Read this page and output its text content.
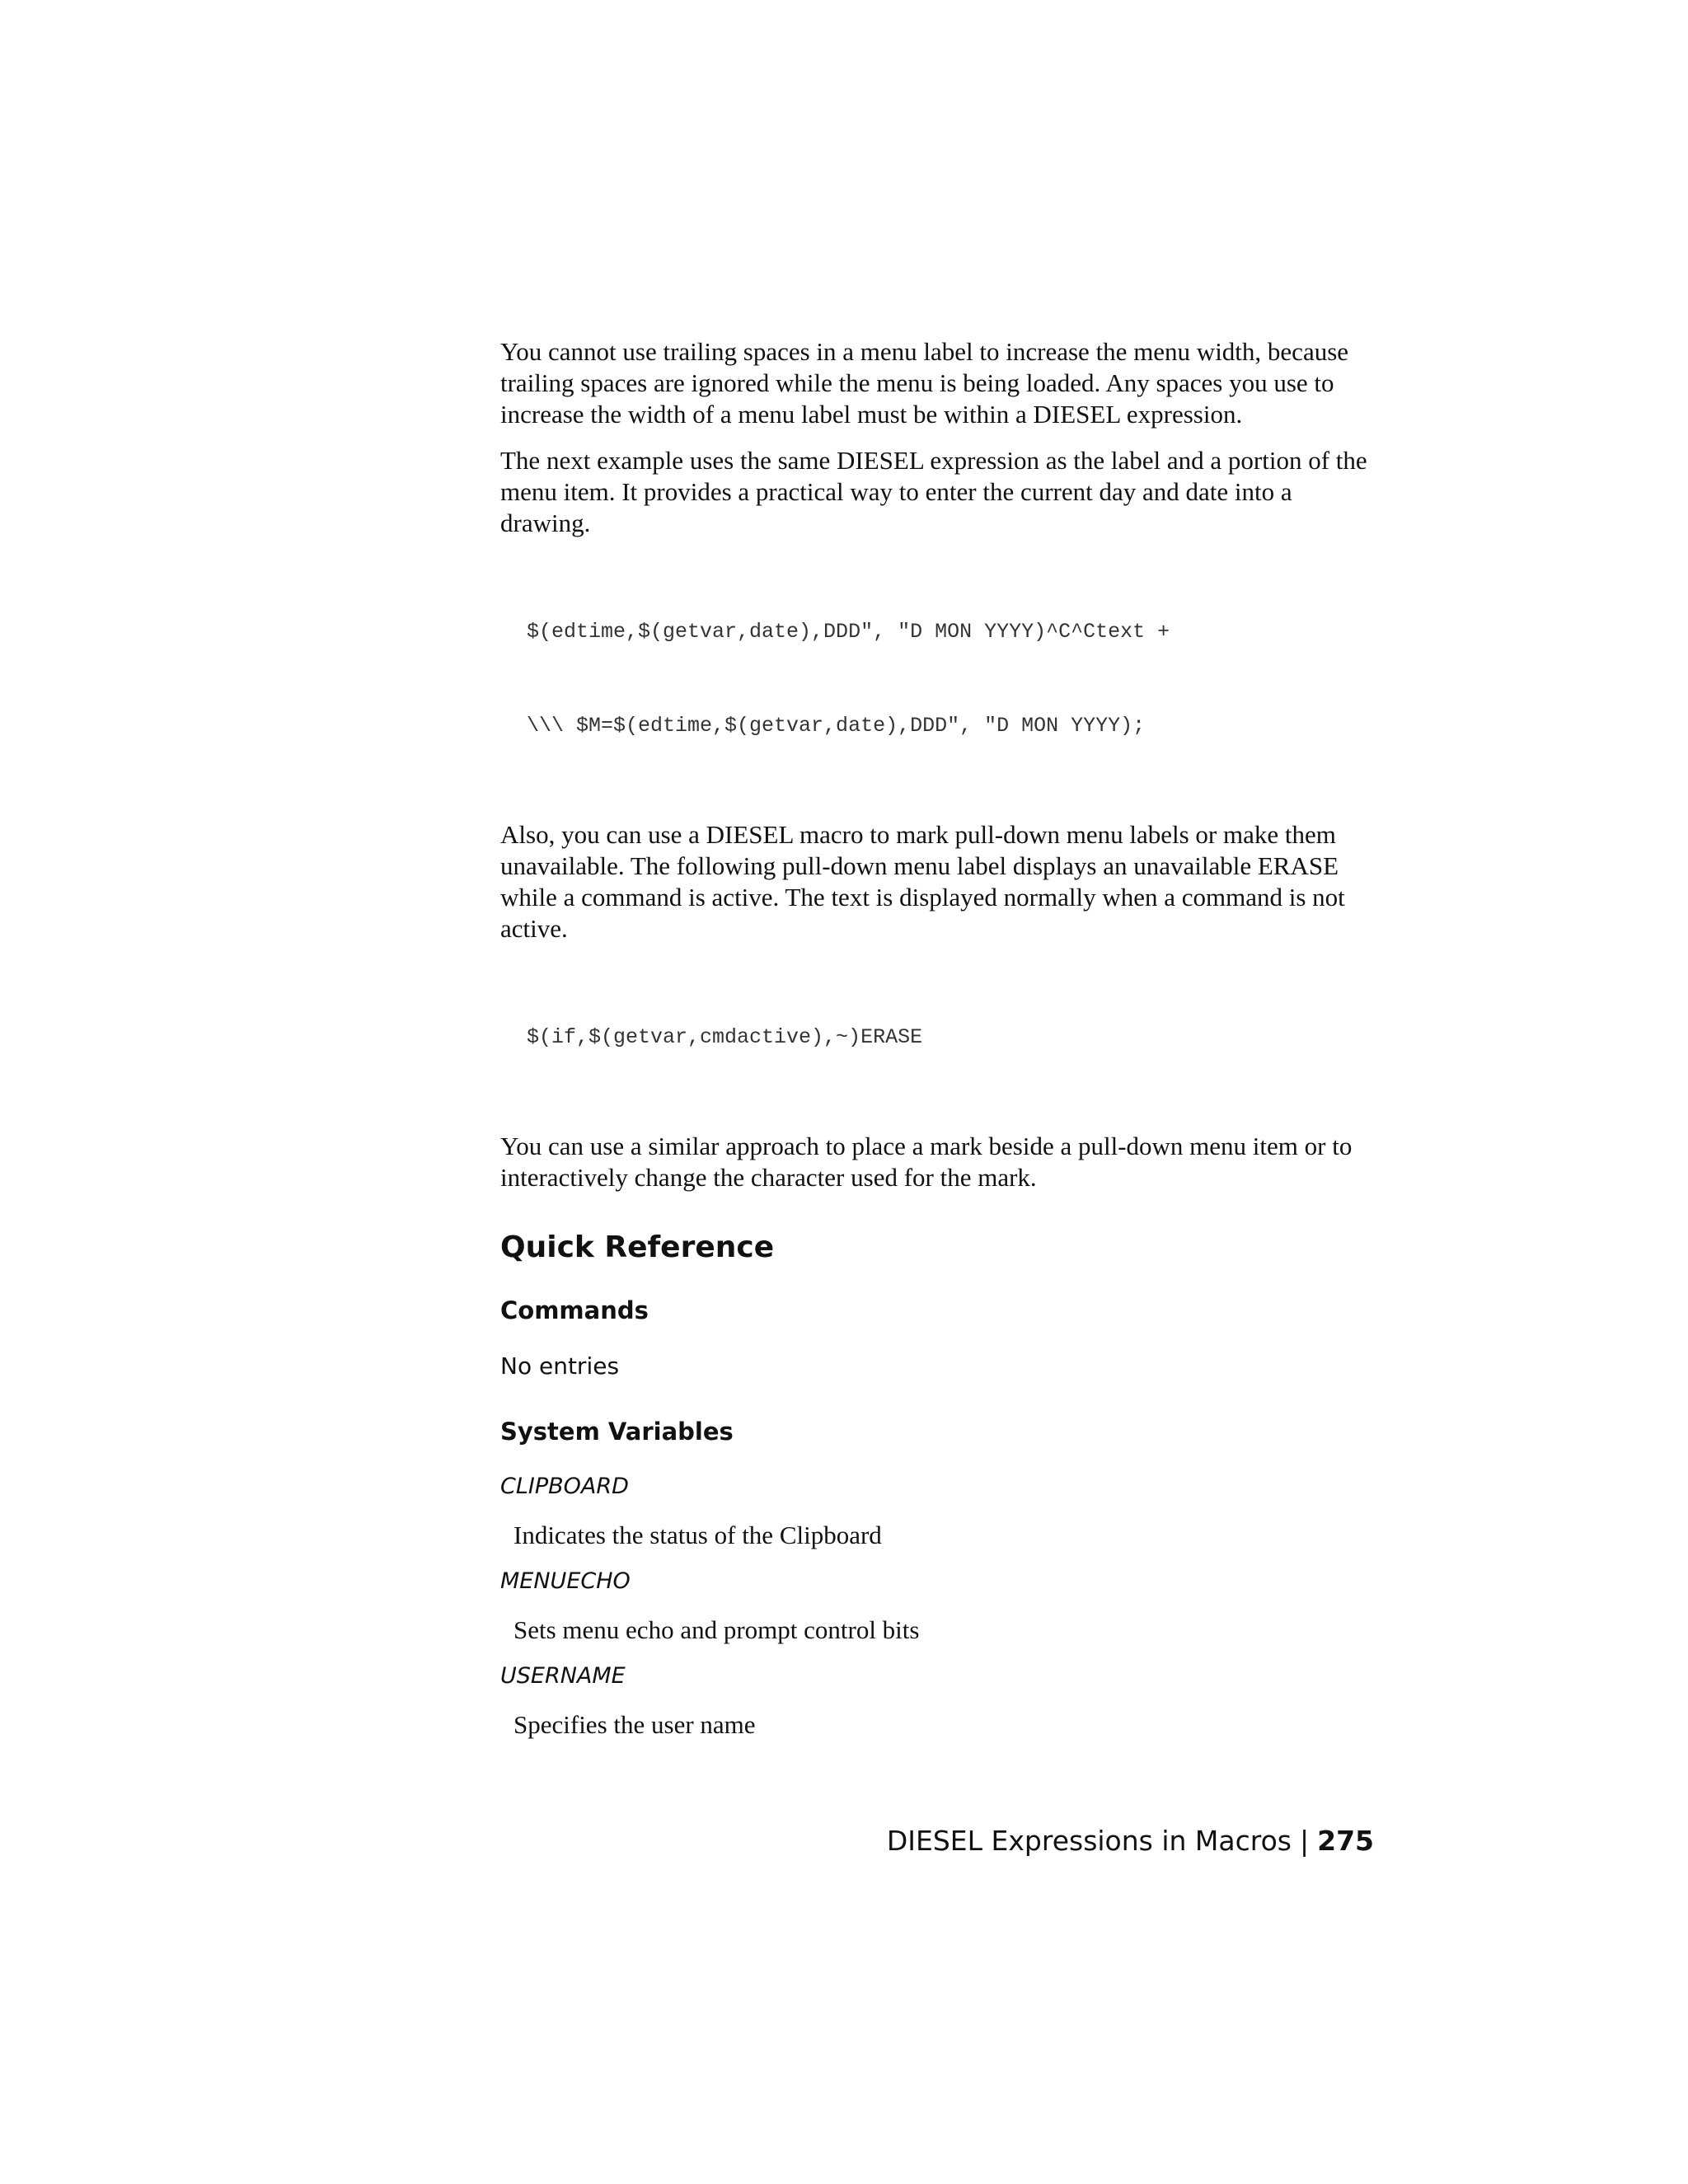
You cannot use trailing spaces in a menu label to increase the menu width, because trailing spaces are ignored while the menu is being loaded. Any spaces you use to increase the width of a menu label must be within a DIESEL expression.

The next example uses the same DIESEL expression as the label and a portion of the menu item. It provides a practical way to enter the current day and date into a drawing.

$(edtime,$(getvar,date),DDD", "D MON YYYY)^C^Ctext +

\\\ $M=$(edtime,$(getvar,date),DDD", "D MON YYYY);

Also, you can use a DIESEL macro to mark pull-down menu labels or make them unavailable. The following pull-down menu label displays an unavailable ERASE while a command is active. The text is displayed normally when a command is not active.

$(if,$(getvar,cmdactive),~)ERASE

You can use a similar approach to place a mark beside a pull-down menu item or to interactively change the character used for the mark.

Quick Reference
Commands

No entries

System Variables

CLIPBOARD

Indicates the status of the Clipboard

MENUECHO

Sets menu echo and prompt control bits

USERNAME

Specifies the user name

DIESEL Expressions in Macros | 275
